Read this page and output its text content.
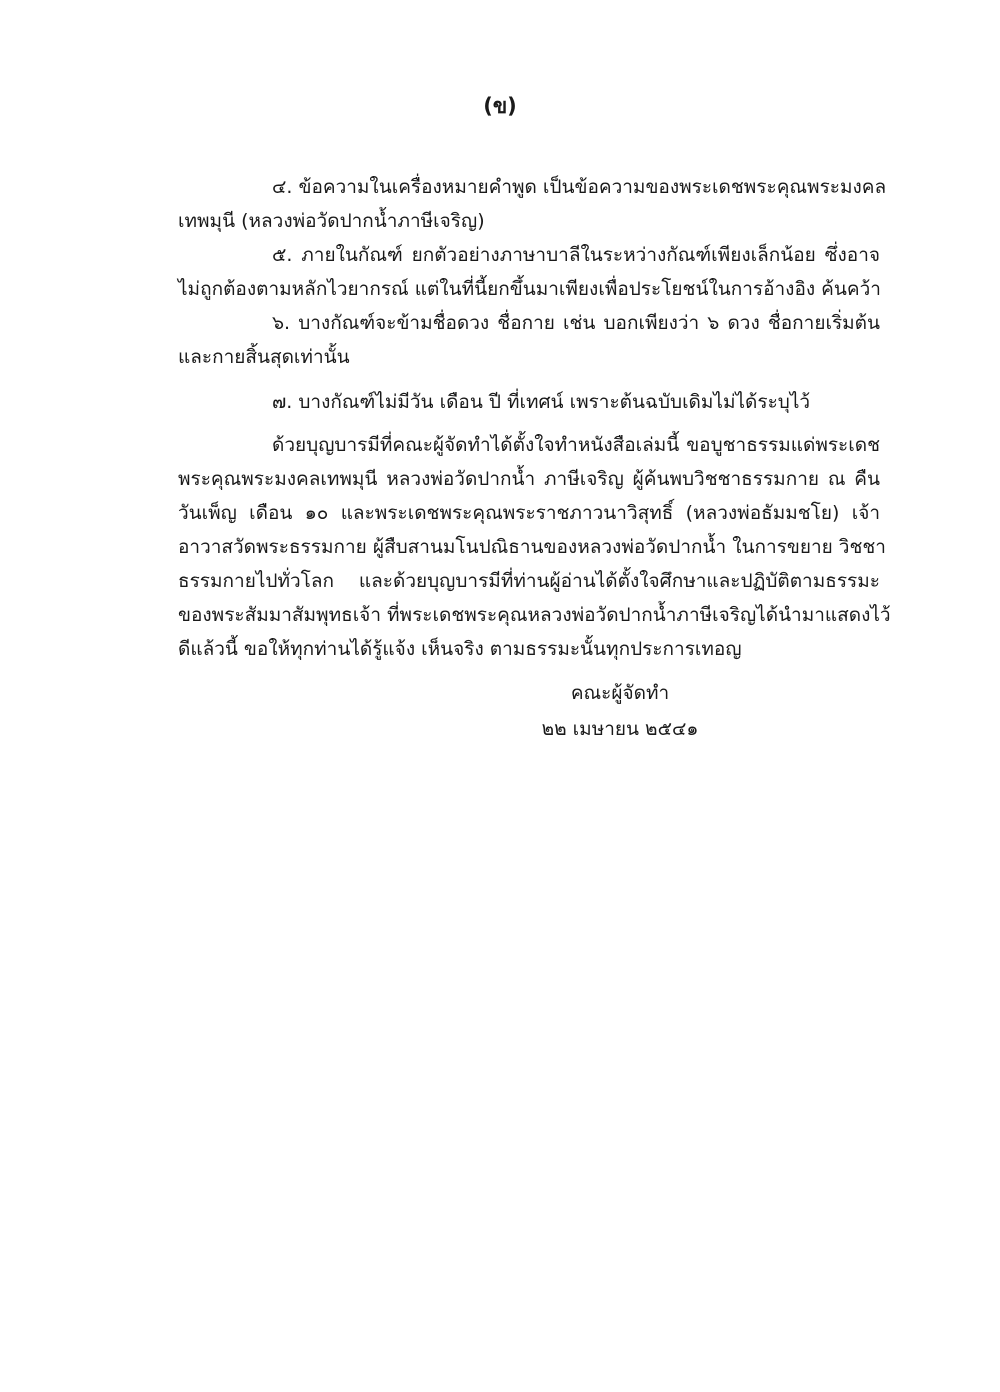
(ข)
๔. ข้อความในเครื่องหมายคำพูด เป็นข้อความของพระเดชพระคุณพระมงคล
เทพมุนี (หลวงพ่อวัดปากน้ำภาษีเจริญ)
๕. ภายในกัณฑ์ ยกตัวอย่างภาษาบาลีในระหว่างกัณฑ์เพียงเล็กน้อย ซึ่งอาจ
ไม่ถูกต้องตามหลักไวยากรณ์ แต่ในที่นี้ยกขึ้นมาเพียงเพื่อประโยชน์ในการอ้างอิง ค้นคว้า
๖. บางกัณฑ์จะข้ามชื่อดวง ชื่อกาย เช่น บอกเพียงว่า ๖ ดวง ชื่อกายเริ่มต้น
และกายสิ้นสุดเท่านั้น
๗. บางกัณฑ์ไม่มีวัน เดือน ปี ที่เทศน์ เพราะต้นฉบับเดิมไม่ได้ระบุไว้
ด้วยบุญบารมีที่คณะผู้จัดทำได้ตั้งใจทำหนังสือเล่มนี้ ขอบูชาธรรมแด่พระเดช
พระคุณพระมงคลเทพมุนี หลวงพ่อวัดปากน้ำ ภาษีเจริญ ผู้ค้นพบวิชชาธรรมกาย ณ คืน
วันเพ็ญ เดือน ๑๐ และพระเดชพระคุณพระราชภาวนาวิสุทธิ์ (หลวงพ่อธัมมชโย) เจ้า
อาวาสวัดพระธรรมกาย ผู้สืบสานมโนปณิธานของหลวงพ่อวัดปากน้ำ ในการขยาย วิชชา
ธรรมกายไปทั่วโลก และด้วยบุญบารมีที่ท่านผู้อ่านได้ตั้งใจศึกษาและปฏิบัติตามธรรมะ
ของพระสัมมาสัมพุทธเจ้า ที่พระเดชพระคุณหลวงพ่อวัดปากน้ำภาษีเจริญได้นำมาแสดงไว้
ดีแล้วนี้ ขอให้ทุกท่านได้รู้แจ้ง เห็นจริง ตามธรรมะนั้นทุกประการเทอญ
คณะผู้จัดทำ
๒๒ เมษายน ๒๕๔๑
